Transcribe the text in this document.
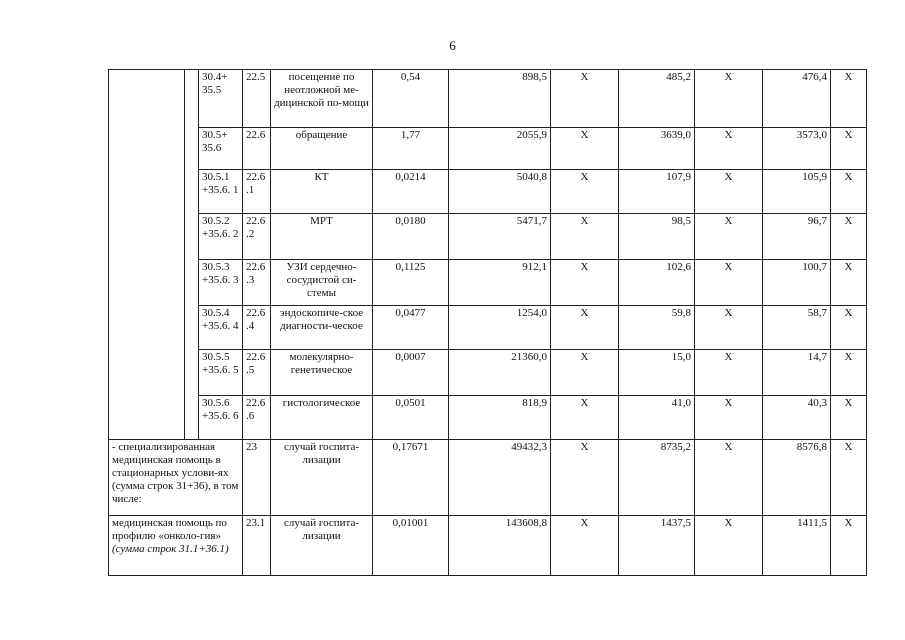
6
		30.4+ 35.5	22.5	посещение по неотложной ме-дицинской по-мощи	0,54	898,5	Х	485,2	Х	476,4	Х
		30.5+ 35.6	22.6	обращение	1,77	2055,9	Х	3639,0	Х	3573,0	Х
		30.5.1 +35.6. 1	22.6 .1	КТ	0,0214	5040,8	Х	107,9	Х	105,9	Х
		30.5.2 +35.6. 2	22.6 .2	МРТ	0,0180	5471,7	Х	98,5	Х	96,7	Х
		30.5.3 +35.6. 3	22.6 .3	УЗИ сердечно-сосудистой си-стемы	0,1125	912,1	Х	102,6	Х	100,7	Х
		30.5.4 +35.6. 4	22.6 .4	эндоскопиче-ское диагности-ческое	0,0477	1254,0	Х	59,8	Х	58,7	Х
		30.5.5 +35.6. 5	22.6 .5	молекулярно-генетическое	0,0007	21360,0	Х	15,0	Х	14,7	Х
		30.5.6 +35.6. 6	22.6 .6	гистологическое	0,0501	818,9	Х	41,0	Х	40,3	Х
- специализированная медицинская помощь в стационарных услови-ях (сумма строк 31+36), в том числе:			23	случай госпита-лизации	0,17671	49432,3	Х	8735,2	Х	8576,8	Х
медицинская помощь по профилю «онколо-гия» (сумма строк 31.1+36.1)			23.1	случай госпита-лизации	0,01001	143608,8	Х	1437,5	Х	1411,5	Х
